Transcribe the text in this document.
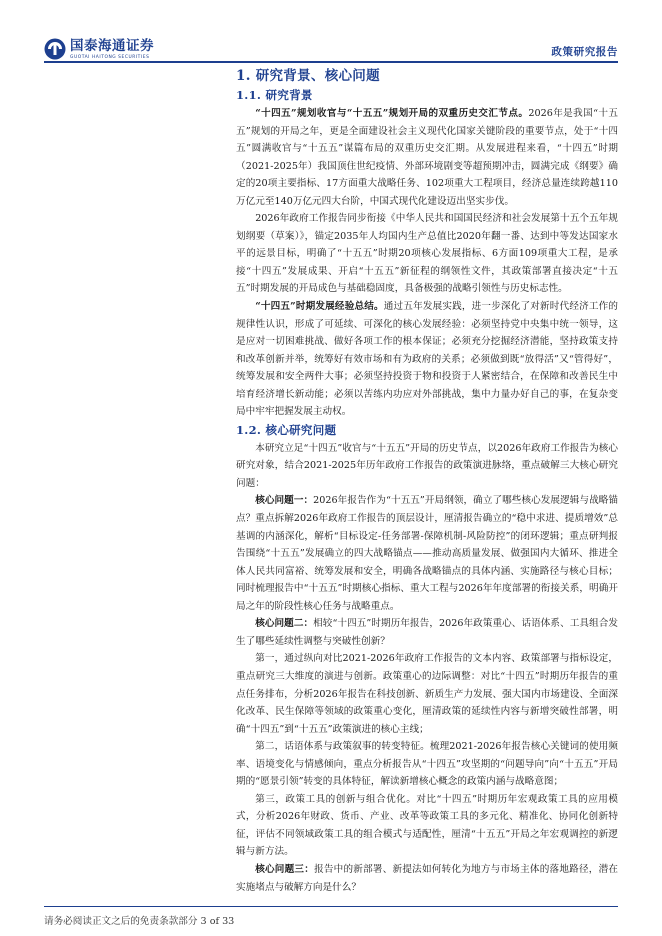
国泰海通证券
GUOTAI HAITONG SECURITIES	政策研究报告
1. 研究背景、核心问题
1.1. 研究背景

“十四五”规划收官与“十五五”规划开局的双重历史交汇节点。2026年是我国“十五五”规划的开局之年，更是全面建设社会主义现代化国家关键阶段的重要节点，处于“十四五”圆满收官与“十五五”谋篇布局的双重历史交汇期。从发展进程来看，“十四五”时期（2021-2025年）我国顶住世纪疫情、外部环境剧变等超预期冲击，圆满完成《纲要》确定的20项主要指标、17方面重大战略任务、102项重大工程项目，经济总量连续跨越110万亿元至140万亿元四大台阶，中国式现代化建设迈出坚实步伐。

2026年政府工作报告同步衔接《中华人民共和国国民经济和社会发展第十五个五年规划纲要（草案）》，锚定2035年人均国内生产总值比2020年翻一番、达到中等发达国家水平的远景目标，明确了“十五五”时期20项核心发展指标、6方面109项重大工程，是承接“十四五”发展成果、开启“十五五”新征程的纲领性文件，其政策部署直接决定“十五五”时期发展的开局成色与基础稳固度，具备极强的战略引领性与历史标志性。

“十四五”时期发展经验总结。通过五年发展实践，进一步深化了对新时代经济工作的规律性认识，形成了可延续、可深化的核心发展经验：必须坚持党中央集中统一领导，这是应对一切困难挑战、做好各项工作的根本保证；必须充分挖掘经济潜能，坚持政策支持和改革创新并举，统筹好有效市场和有为政府的关系；必须做到既“放得活”又“管得好”，统筹发展和安全两件大事；必须坚持投资于物和投资于人紧密结合，在保障和改善民生中培育经济增长新动能；必须以苦练内功应对外部挑战，集中力量办好自己的事，在复杂变局中牢牢把握发展主动权。

1.2. 核心研究问题

本研究立足“十四五”收官与“十五五”开局的历史节点，以2026年政府工作报告为核心研究对象，结合2021-2025年历年政府工作报告的政策演进脉络，重点破解三大核心研究问题：

核心问题一：2026年报告作为“十五五”开局纲领，确立了哪些核心发展逻辑与战略锚点？重点拆解2026年政府工作报告的顶层设计，厘清报告确立的“稳中求进、提质增效”总基调的内涵深化，解析“目标设定-任务部署-保障机制-风险防控”的闭环逻辑；重点研判报告围绕“十五五”发展确立的四大战略锚点——推动高质量发展、做强国内大循环、推进全体人民共同富裕、统筹发展和安全，明确各战略锚点的具体内涵、实施路径与核心目标；同时梳理报告中“十五五”时期核心指标、重大工程与2026年年度部署的衔接关系，明确开局之年的阶段性核心任务与战略重点。

核心问题二：相较“十四五”时期历年报告，2026年政策重心、话语体系、工具组合发生了哪些延续性调整与突破性创新？

第一，通过纵向对比2021-2026年政府工作报告的文本内容、政策部署与指标设定，重点研究三大维度的演进与创新。政策重心的边际调整：对比“十四五”时期历年报告的重点任务排布，分析2026年报告在科技创新、新质生产力发展、强大国内市场建设、全面深化改革、民生保障等领域的政策重心变化，厘清政策的延续性内容与新增突破性部署，明确“十四五”到“十五五”政策演进的核心主线；

第二，话语体系与政策叙事的转变特征。梳理2021-2026年报告核心关键词的使用频率、语境变化与情感倾向，重点分析报告从“十四五”攻坚期的“问题导向”向“十五五”开局期的“愿景引领”转变的具体特征，解读新增核心概念的政策内涵与战略意图；

第三，政策工具的创新与组合优化。对比“十四五”时期历年宏观政策工具的应用模式，分析2026年财政、货币、产业、改革等政策工具的多元化、精准化、协同化创新特征，评估不同领域政策工具的组合模式与适配性，厘清“十五五”开局之年宏观调控的新逻辑与新方法。

核心问题三：报告中的新部署、新提法如何转化为地方与市场主体的落地路径，潜在实施堵点与破解方向是什么？

请务必阅读正文之后的免责条款部分 3 of 33
